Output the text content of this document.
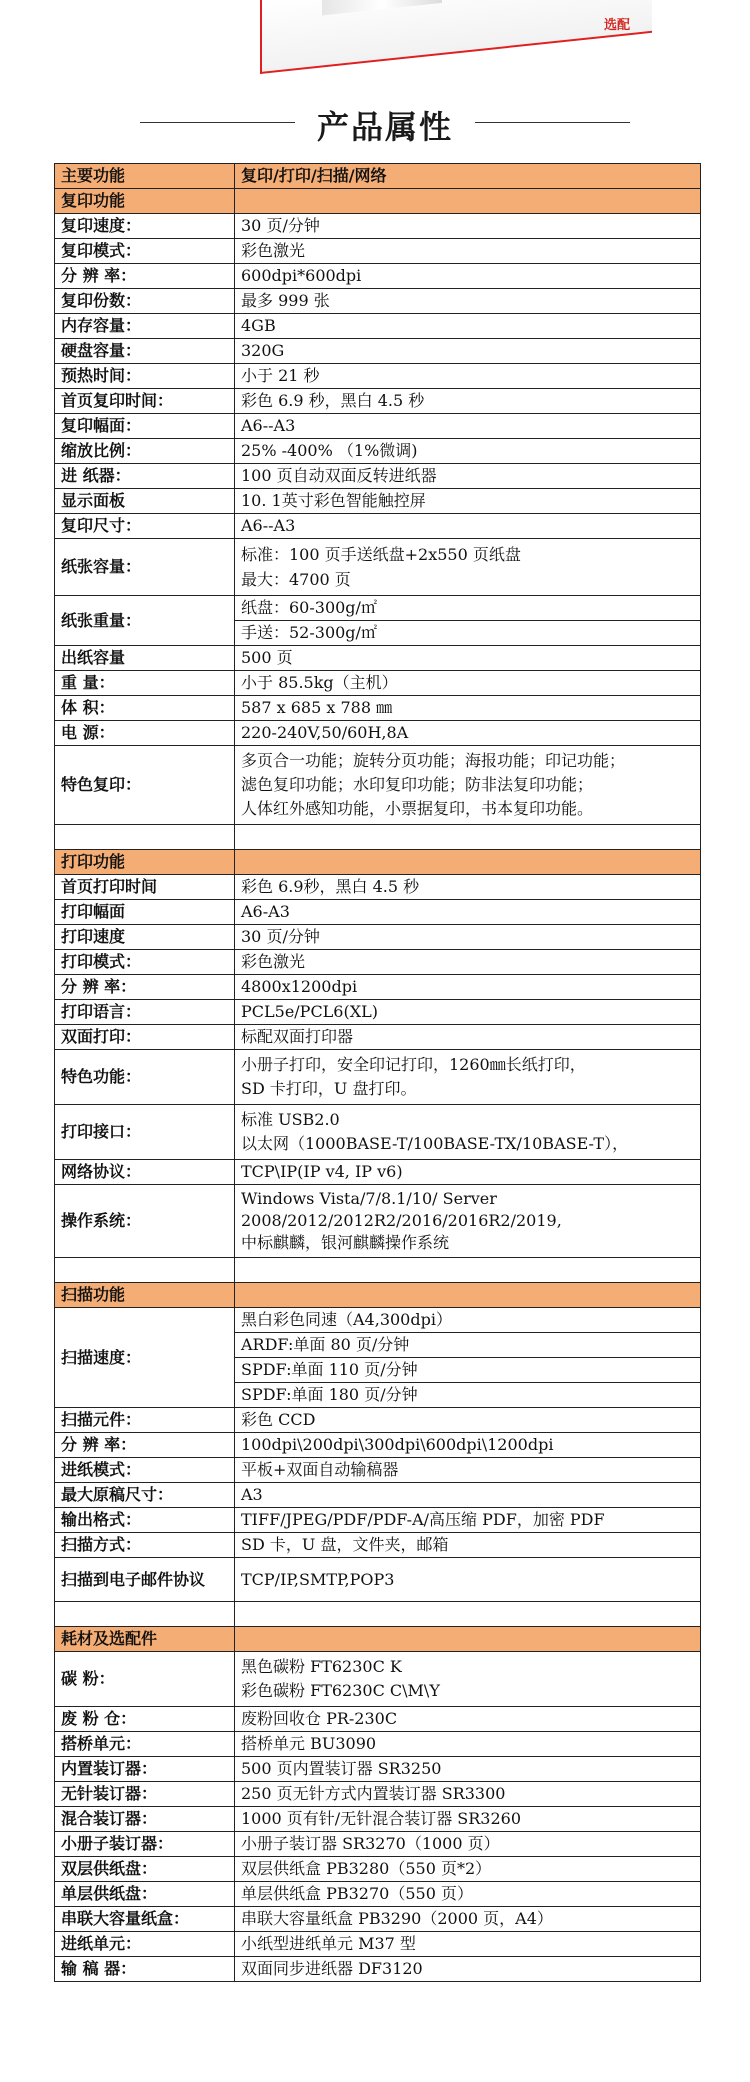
选配
产品属性
主要功能	复印/打印/扫描/网络
复印功能	
复印速度：	30 页/分钟
复印模式：	彩色激光
分 辨 率：	600dpi*600dpi
复印份数：	最多 999 张
内存容量：	4GB
硬盘容量：	320G
预热时间：	小于 21 秒
首页复印时间：	彩色 6.9 秒，黑白 4.5 秒
复印幅面：	A6--A3
缩放比例：	25% -400% （1%微调)
进 纸器：	100 页自动双面反转进纸器
显示面板	10. 1英寸彩色智能触控屏
复印尺寸：	A6--A3
纸张容量：	标准：100 页手送纸盘+2x550 页纸盘
最大：4700 页

纸张重量：	纸盘：60-300g/㎡
	手送：52-300g/㎡
出纸容量	500 页
重 量：	小于 85.5kg（主机）
体 积：	587 x 685 x 788 ㎜
电 源：	220-240V,50/60H,8A
特色复印：	多页合一功能；旋转分页功能；海报功能；印记功能；
滤色复印功能；水印复印功能；防非法复印功能；
人体红外感知功能，小票据复印，书本复印功能。

打印功能	
首页打印时间	彩色 6.9秒，黑白 4.5 秒
打印幅面	A6-A3
打印速度	30 页/分钟
打印模式：	彩色激光
分 辨 率：	4800x1200dpi
打印语言：	PCL5e/PCL6(XL)
双面打印：	标配双面打印器
特色功能：	小册子打印，安全印记打印，1260㎜长纸打印，
SD 卡打印，U 盘打印。

打印接口：	标准 USB2.0
以太网（1000BASE-T/100BASE-TX/10BASE-T），

网络协议：	TCP\IP(IP v4, IP v6)
操作系统：	Windows Vista/7/8.1/10/ Server
2008/2012/2012R2/2016/2016R2/2019,
中标麒麟，银河麒麟操作系统

扫描功能	
扫描速度：	黑白彩色同速（A4,300dpi）
	ARDF:单面 80 页/分钟
	SPDF:单面 110 页/分钟
	SPDF:单面 180 页/分钟
扫描元件：	彩色 CCD
分 辨 率：	100dpi\200dpi\300dpi\600dpi\1200dpi
进纸模式：	平板+双面自动输稿器
最大原稿尺寸：	A3
输出格式：	TIFF/JPEG/PDF/PDF-A/高压缩 PDF，加密 PDF
扫描方式：	SD 卡，U 盘，文件夹，邮箱
扫描到电子邮件协议	TCP/IP,SMTP,POP3

耗材及选配件	
碳 粉：	黑色碳粉 FT6230C K
彩色碳粉 FT6230C C\M\Y

废 粉 仓：	废粉回收仓 PR-230C
搭桥单元：	搭桥单元 BU3090
内置装订器：	500 页内置装订器 SR3250
无针装订器：	250 页无针方式内置装订器 SR3300
混合装订器：	1000 页有针/无针混合装订器 SR3260
小册子装订器：	小册子装订器 SR3270（1000 页）
双层供纸盘：	双层供纸盒 PB3280（550 页*2）
单层供纸盘：	单层供纸盒 PB3270（550 页）
串联大容量纸盒：	串联大容量纸盒 PB3290（2000 页，A4）
进纸单元：	小纸型进纸单元 M37 型
输 稿 器：	双面同步进纸器 DF3120
